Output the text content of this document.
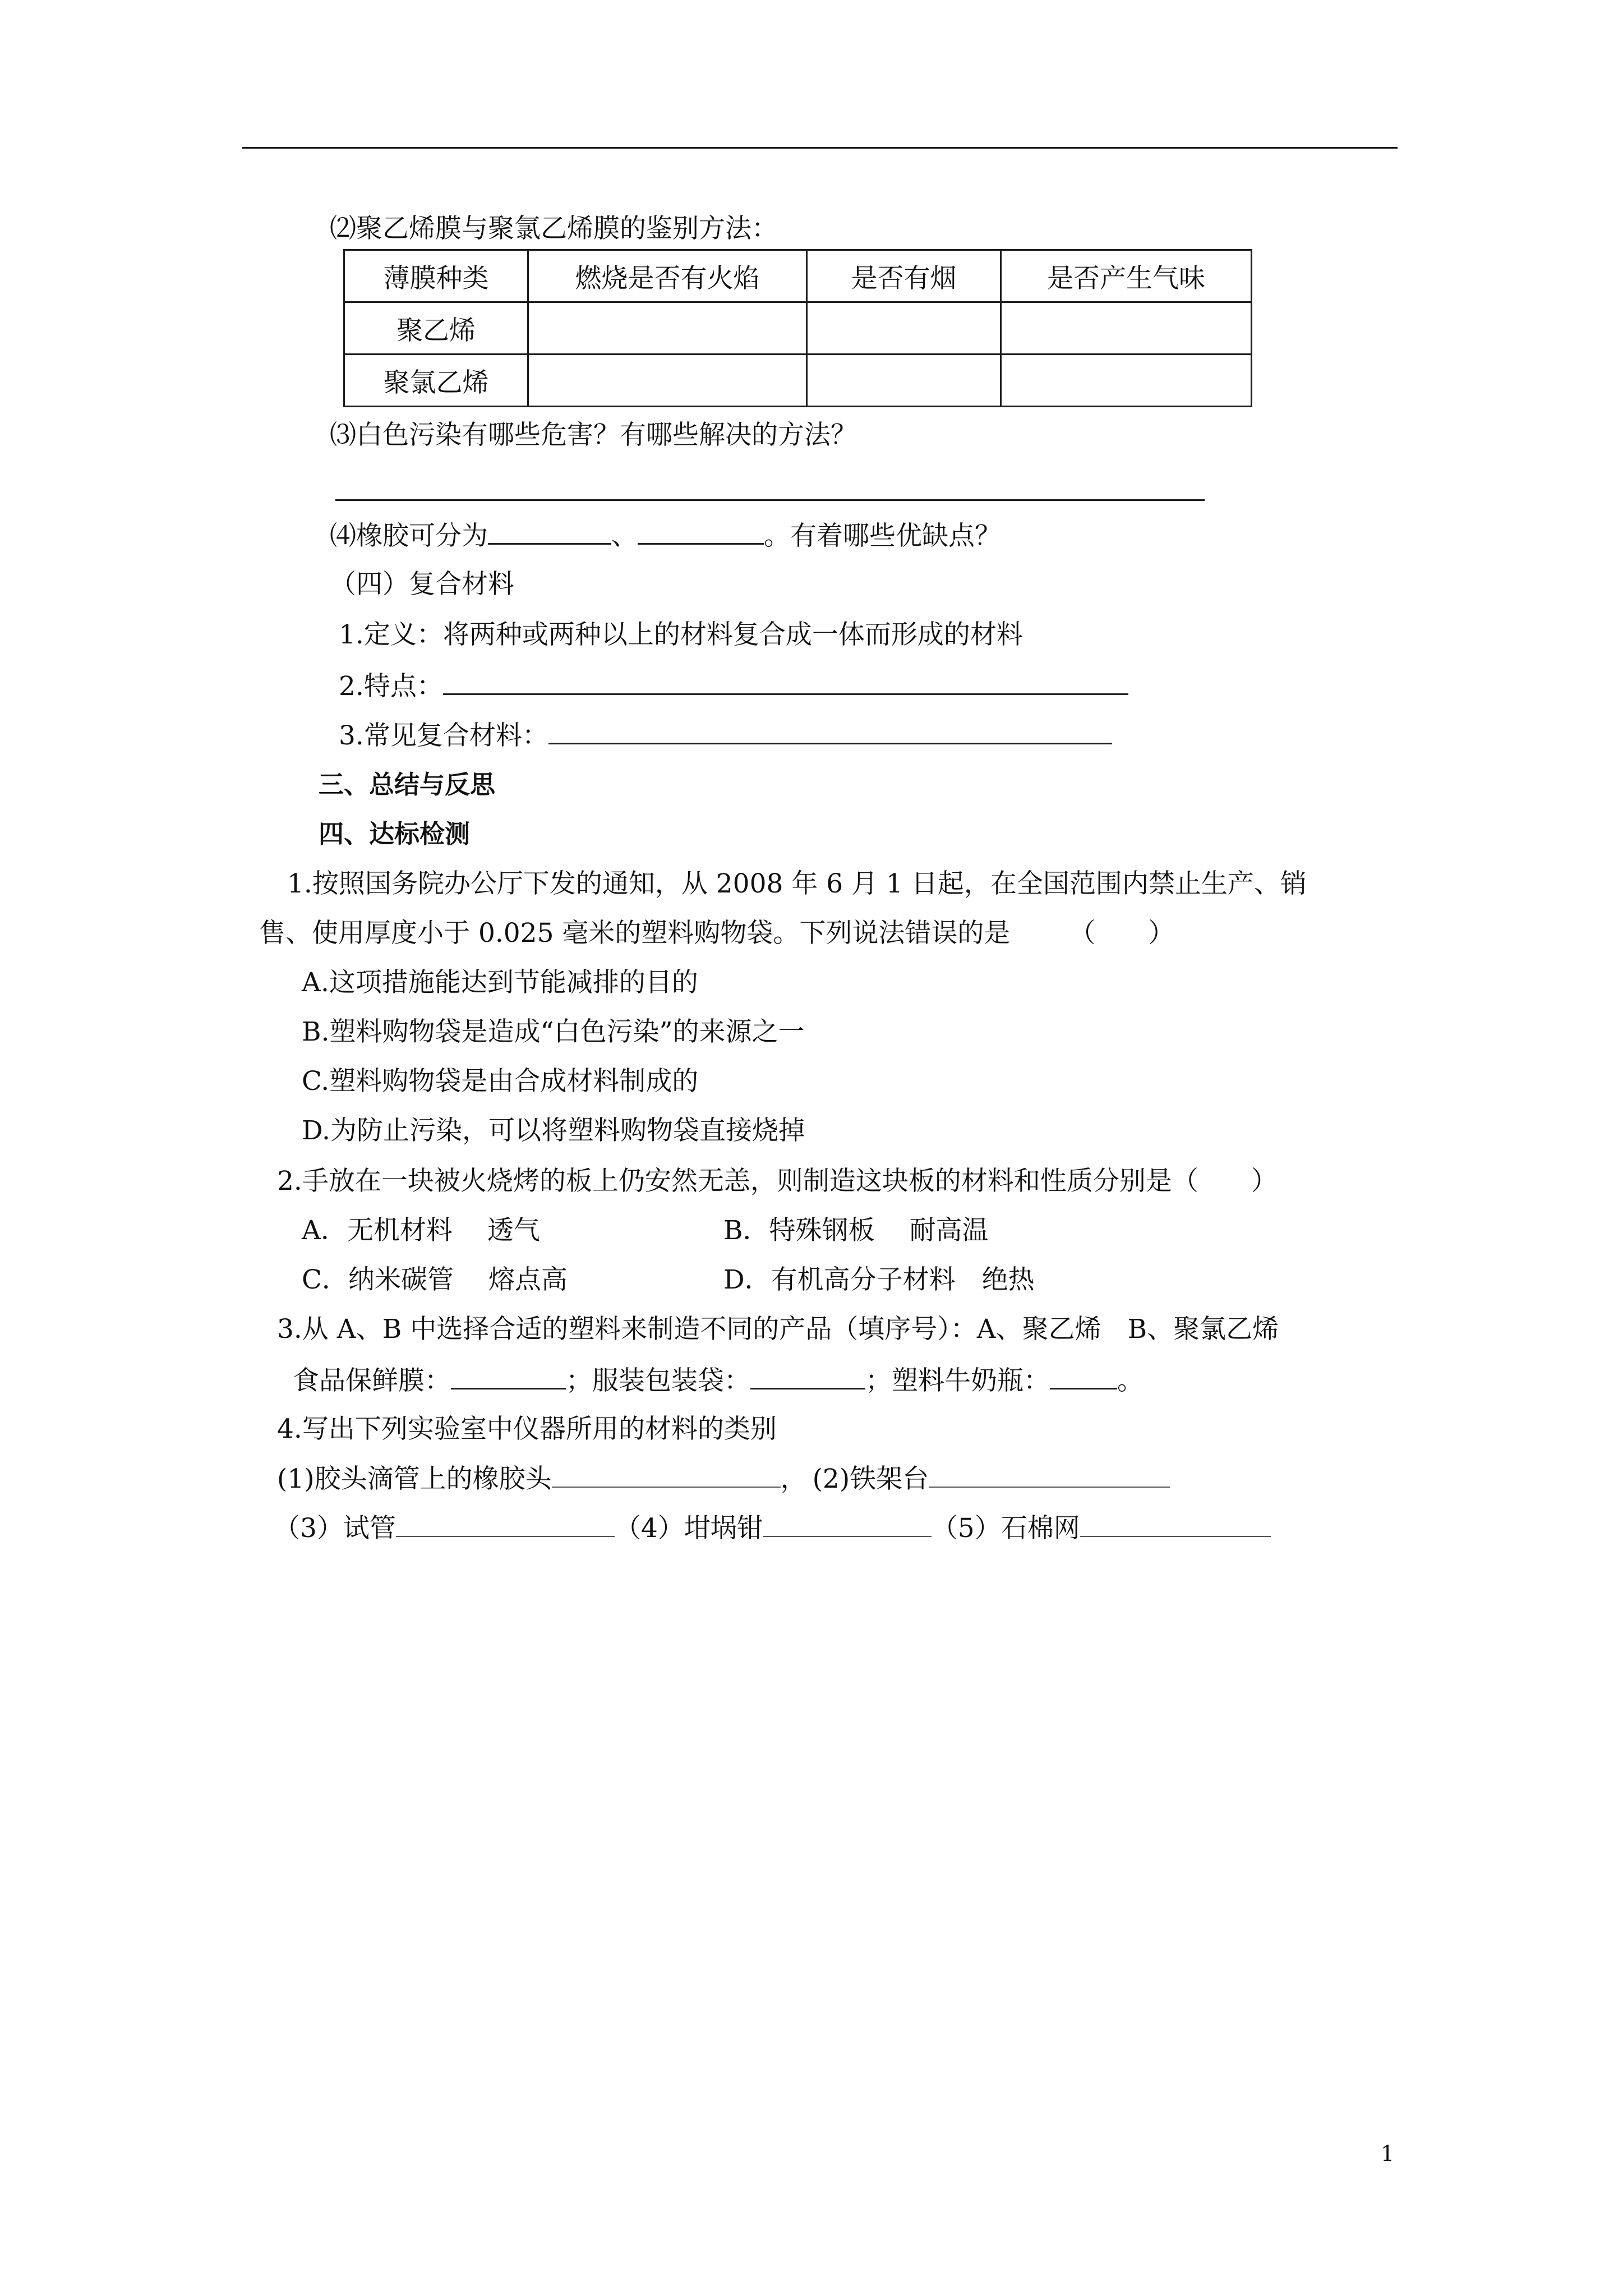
⑵聚乙烯膜与聚氯乙烯膜的鉴别方法：
薄膜种类	燃烧是否有火焰	是否有烟	是否产生气味
聚乙烯			
聚氯乙烯			
⑶白色污染有哪些危害？有哪些解决的方法？
⑷橡胶可分为	、	。有着哪些优缺点？
（四）复合材料
1.定义：将两种或两种以上的材料复合成一体而形成的材料
2.特点：
3.常见复合材料：
三、总结与反思
四、达标检测
1.按照国务院办公厅下发的通知，从 2008 年 6 月 1 日起，在全国范围内禁止生产、销
售、使用厚度小于 0.025 毫米的塑料购物袋。下列说法错误的是 （　　）
A.这项措施能达到节能减排的目的
B.塑料购物袋是造成“白色污染”的来源之一
C.塑料购物袋是由合成材料制成的
D.为防止污染，可以将塑料购物袋直接烧掉
2.手放在一块被火烧烤的板上仍安然无恙，则制造这块板的材料和性质分别是（　　）
A．无机材料　 透气	B．特殊钢板　 耐高温
C．纳米碳管　 熔点高	D．有机高分子材料　绝热
3.从 A、B 中选择合适的塑料来制造不同的产品（填序号）：A、聚乙烯　B、聚氯乙烯
食品保鲜膜：	；服装包装袋：	；塑料牛奶瓶：	。
4.写出下列实验室中仪器所用的材料的类别
(1)胶头滴管上的橡胶头	， (2)铁架台
（3）试管	（4）坩埚钳	（5）石棉网
1
